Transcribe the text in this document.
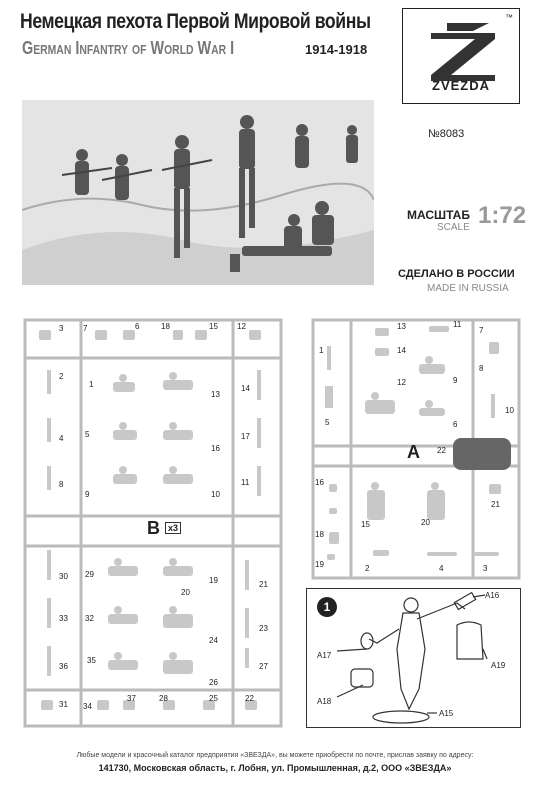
Немецкая пехота Первой Мировой войны
German Infantry of World War I	1914-1918
™
ZVEZDA
№8083
МАСШТАБ
SCALE 1:72
СДЕЛАНО В РОССИИ
MADE IN RUSSIA
3 7	6	18	15 12
2
1
13
14
4	5
16
17
8
9	10
11
B x3
30 29
19
20
21
33 32
24
23
36
35
26
27
31 34
37	28	25	22
13	11
7
1	14
12	9
8
5
10
6
A 22
16
15	20
21
18
19	2	4	3
1
A16
A17
A19
A18
A15
Любые модели и красочный каталог предприятия «ЗВЕЗДА», вы можете приобрести по почте, прислав заявку по адресу:
141730, Московская область, г. Лобня, ул. Промышленная, д.2, ООО «ЗВЕЗДА»
